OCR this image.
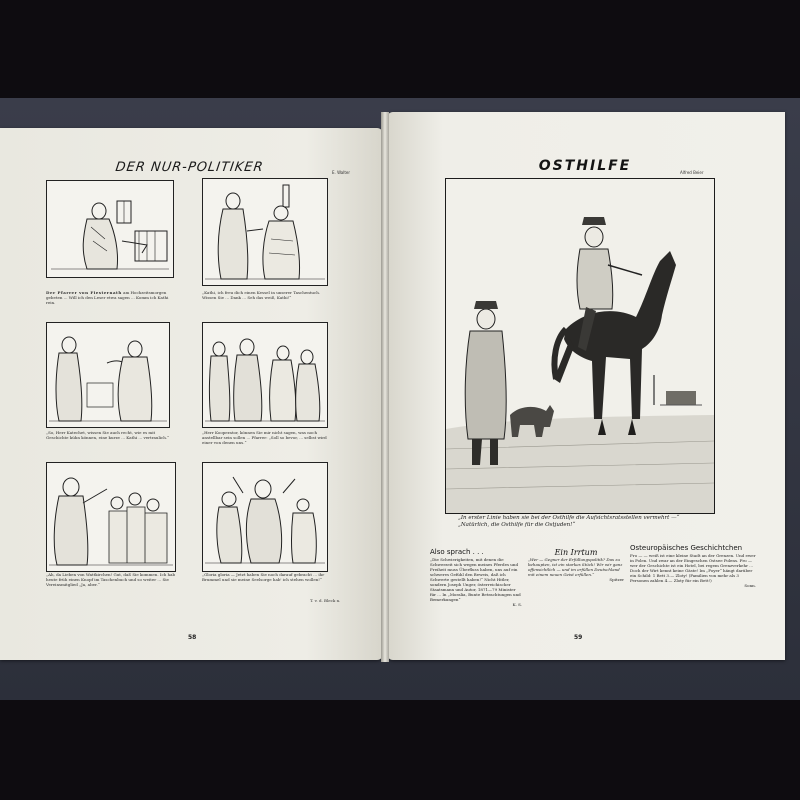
DER NUR-POLITIKER	E. Walter
Der Pfarrer von Fiesternath am Hochzeitsmorgen gebeten ... Will ich den Leser etwa sagen ... Komm ich Kathi rein.
„Kathi, ich freu dich einen Kessel in unserer Taschentuch. Wissen Sie ... Dank ... Seh das weiß, Kathi!“
„So, Herr Katechet, wissen Sie auch recht, wie es mit Geschichte kühn können, eine kurze ... Kathi ... vertraulich.“
„Herr Kooperator, können Sie mir nicht sagen, was noch anstellbar sein sollen ... Pfarrer: „Soll so bevor, ... selbst wird einer von denen uns.“
„Ah, da Lieben von Wattkirchen! Gut, daß Sie kommen. Ich hab heute früh einen Knopf im Taschenbuch und so weiter ... Sie Vereinsmitglied „Ja, aber.“
„Gloria gloria — Jetzt haben Sie noch darauf gebracht ... ihr Brummel und sie meine Seelsorge hab' ich stehen wollen!“
T. v. d. Bleck n.
58
OSTHILFE	Alfred Beier
„In erster Linie haben sie bei der Osthilfe die Aufsichtsratsstellen vermehrt —“
„Natürlich, die Osthilfe für die Ostjuden!“
Also sprach . . .
„Die Schwierigkeiten, mit denen die Schwerzeit sich wegen meines Pferdes und Freiheit muss Überfluss haben, uns auf ein schweres Gefühl den Beweis, daß ich Schwerte gestellt haben!“ Nicht Hitler, sondern Joseph Unger, österreichischer Staatsmann und Autor, 1871—79 Minister für ... In „Moralia, Bunte Betrachtungen und Bemerkungen“
K. S.
Ein Irrtum
„Wer — Gegner der Erfüllungspolitik? Das zu behaupten, ist ein starkes Stück! Wir wir ganz offensichtlich — und im erfüllen Deutschland mit einem neuen Geist erfüllen.“
Spitzer
Osteuropäisches Geschichtchen
Fro — — weiß ist eine kleine Stadt an der Grenzen. Und ewer in Polen. Und zwar an der Eingeschen Ostsee Polens. Fro — wer der Geschichte ist ein Hotel, bei regem Grenzverkehr ... Doch der Wirt kennt keine Gäste! Im „Foyer“ hängt darüber ein Schild: 1 Bett 3.— Zloty! (Familien von mehr als 3 Personen zahlen 4.— Zloty für ein Bett!)
Sonn.
59
